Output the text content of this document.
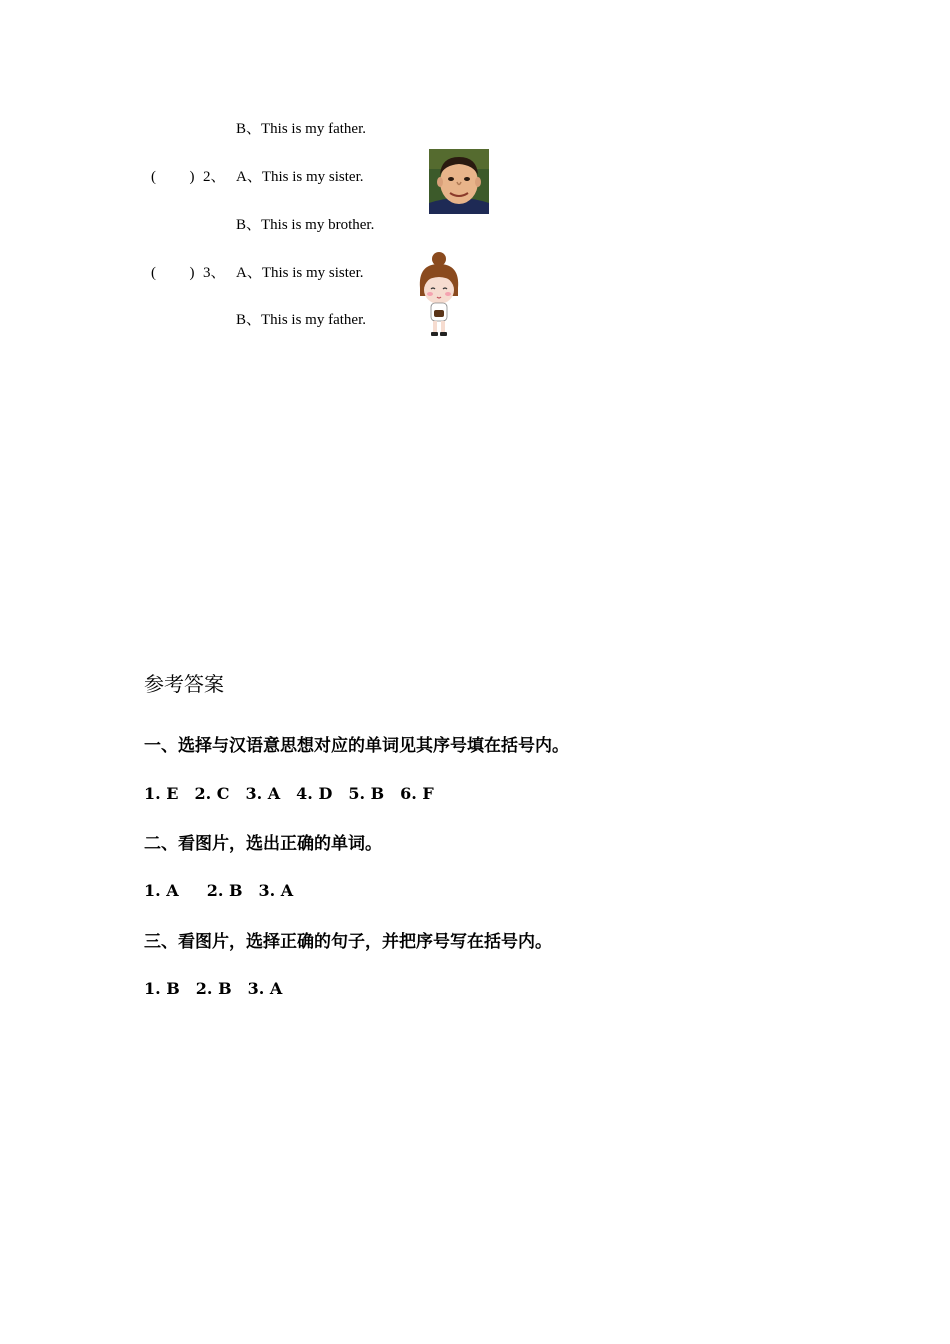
B、This is my father.
( ) 2、 A、This is my sister.
B、This is my brother.
( ) 3、 A、This is my sister.
B、This is my father.
参考答案
一、选择与汉语意思想对应的单词见其序号填在括号内。
1. E 2. C 3. A 4. D 5. B 6. F
二、看图片，选出正确的单词。
1. A 2. B 3. A
三、看图片，选择正确的句子，并把序号写在括号内。
1. B 2. B 3. A
